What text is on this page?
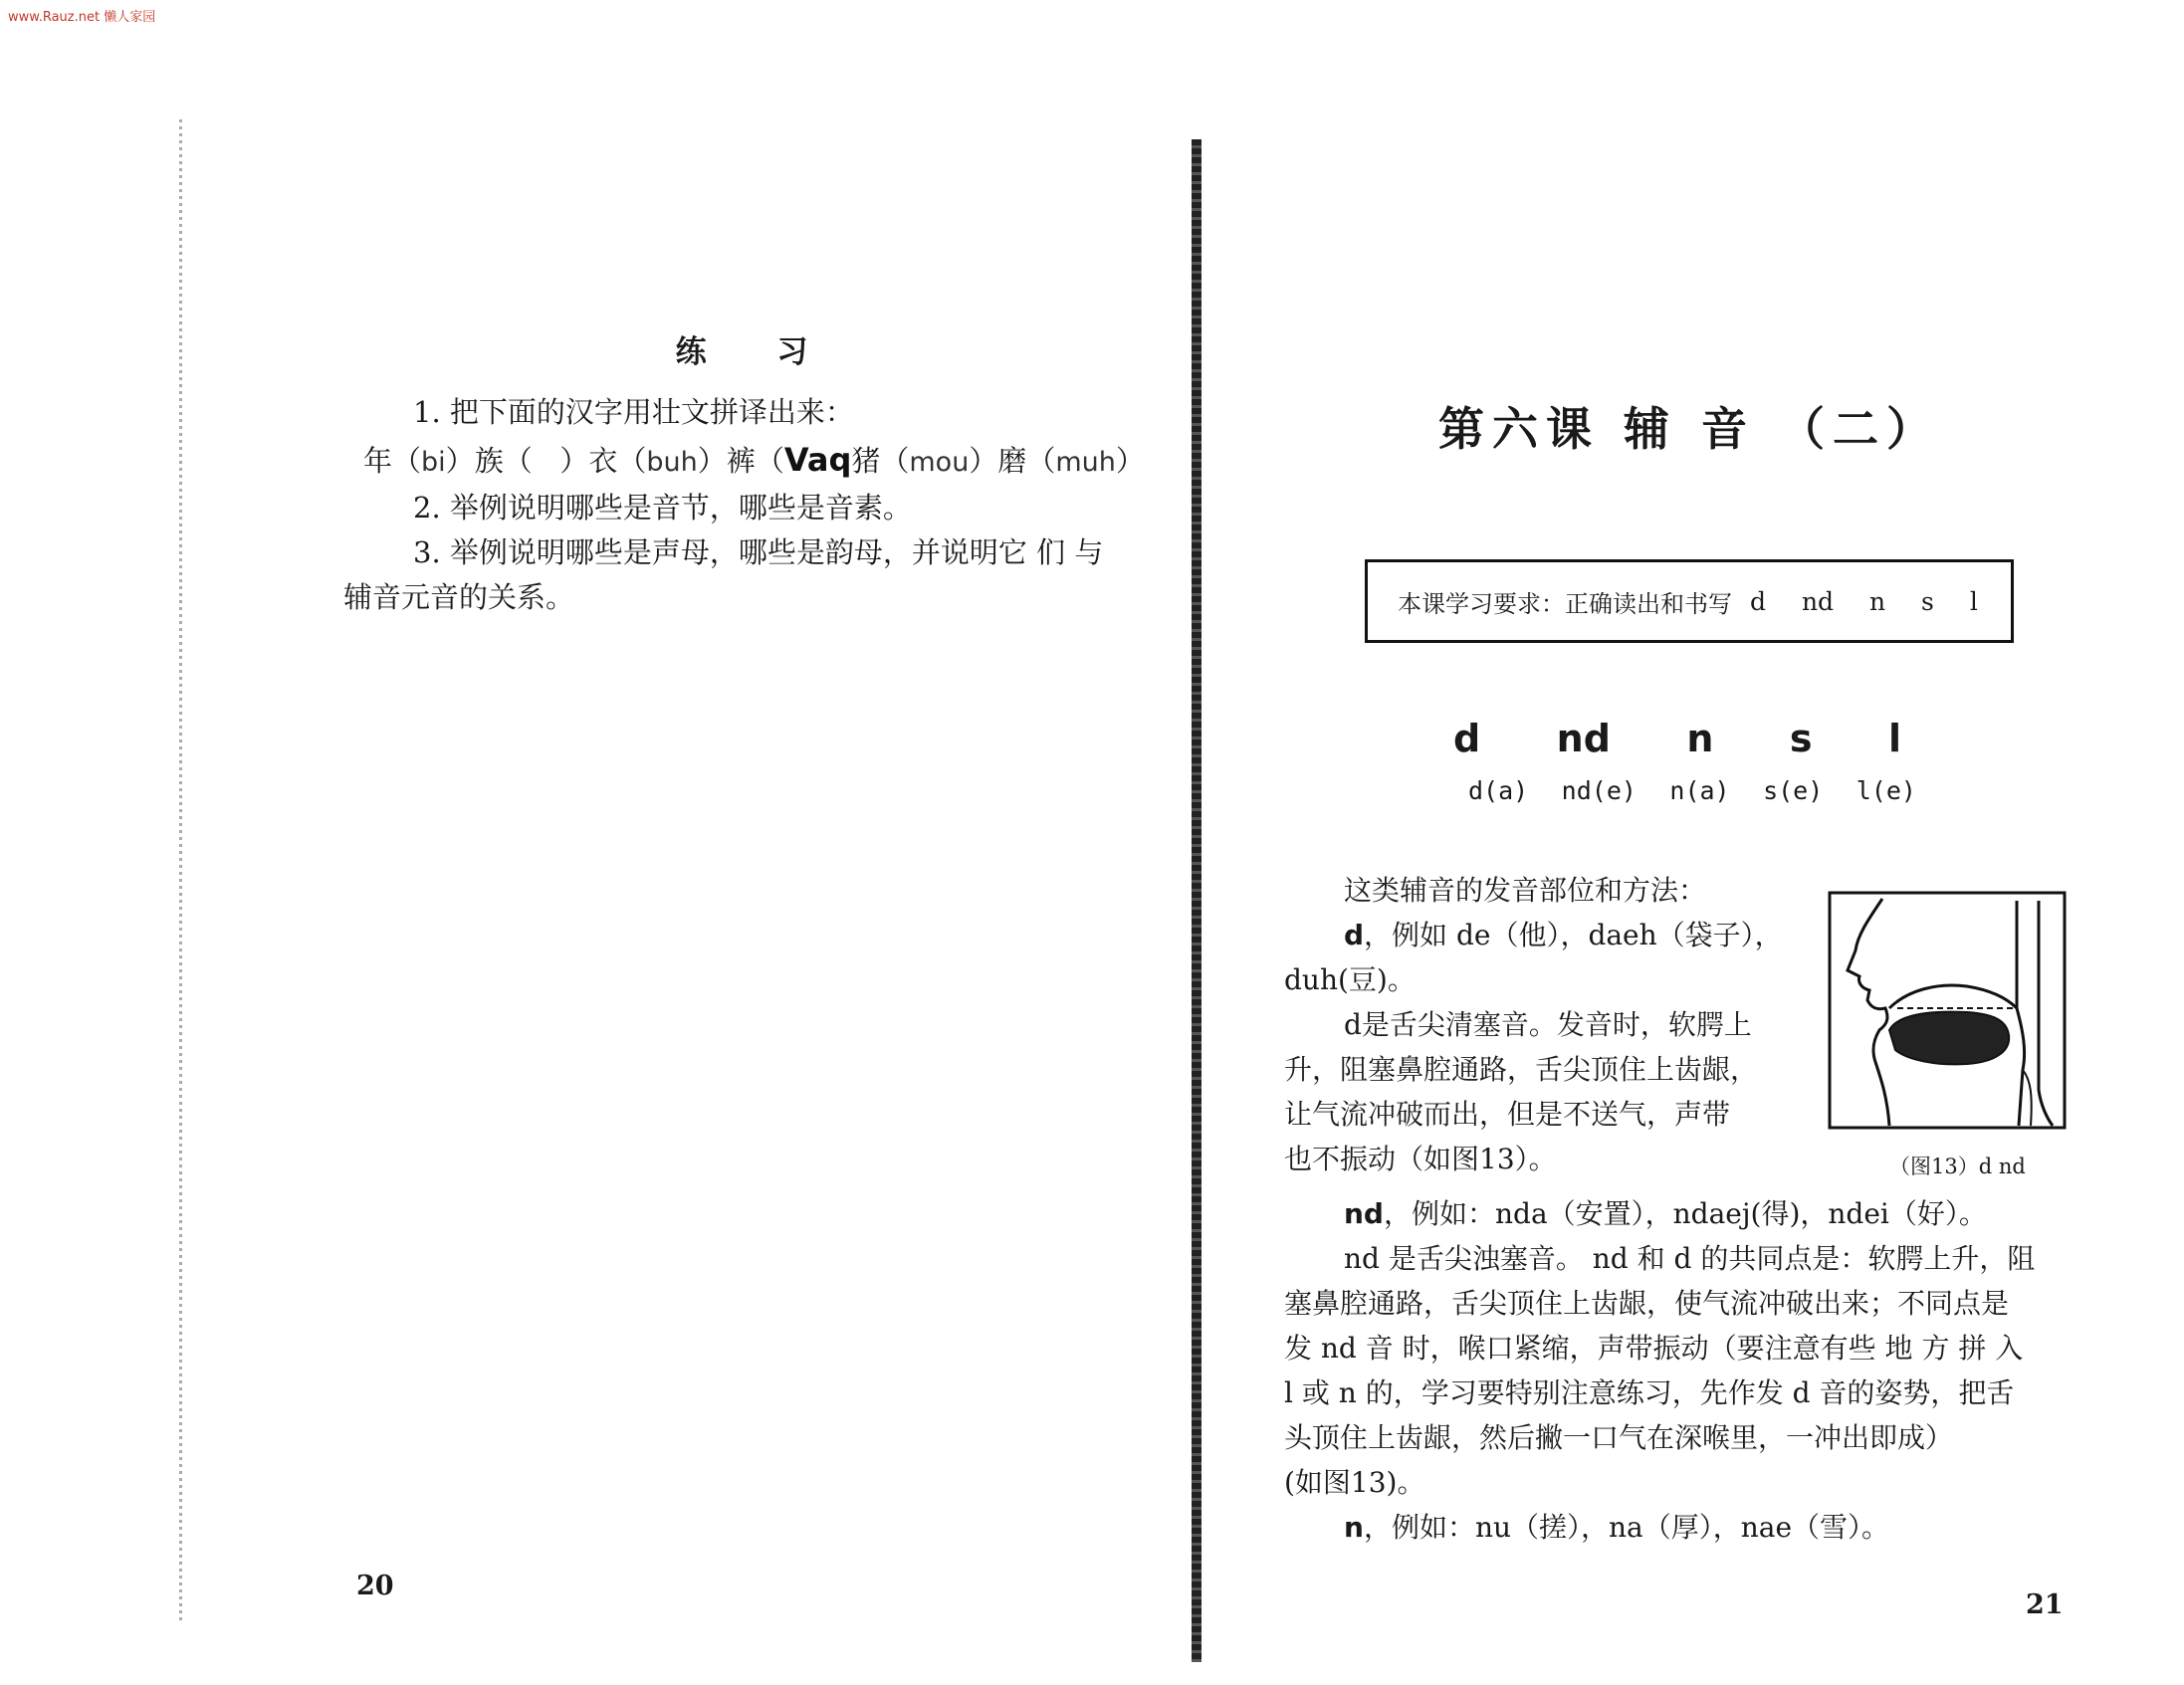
www.Rauz.net 懒人家园
练 习

1. 把下面的汉字用壮文拼译出来：

年（bi）族（   ）衣（buh）裤（Vaq猪（mou）磨（muh）

2. 举例说明哪些是音节，哪些是音素。

3. 举例说明哪些是声母，哪些是韵母，并说明它 们 与

辅音元音的关系。

20
第六课 辅 音 （二）
本课学习要求：正确读出和书写 d nd n s l
d nd n s l
d(a) nd(e) n(a) s(e) l(e)

这类辅音的发音部位和方法：

d，例如 de（他），daeh（袋子），

duh(豆)。

d是舌尖清塞音。发音时，软腭上

升，阻塞鼻腔通路，舌尖顶住上齿龈，

让气流冲破而出，但是不送气，声带

也不振动（如图13）。	（图13）d nd

nd，例如：nda（安置），ndaej(得)，ndei（好）。

nd 是舌尖浊塞音。 nd 和 d 的共同点是：软腭上升，阻

塞鼻腔通路，舌尖顶住上齿龈，使气流冲破出来；不同点是

发 nd 音 时，喉口紧缩，声带振动（要注意有些 地 方 拼 入

l 或 n 的，学习要特别注意练习，先作发 d 音的姿势，把舌

头顶住上齿龈，然后撇一口气在深喉里，一冲出即成）

(如图13)。

n，例如：nu（搓），na（厚），nae（雪）。

21
